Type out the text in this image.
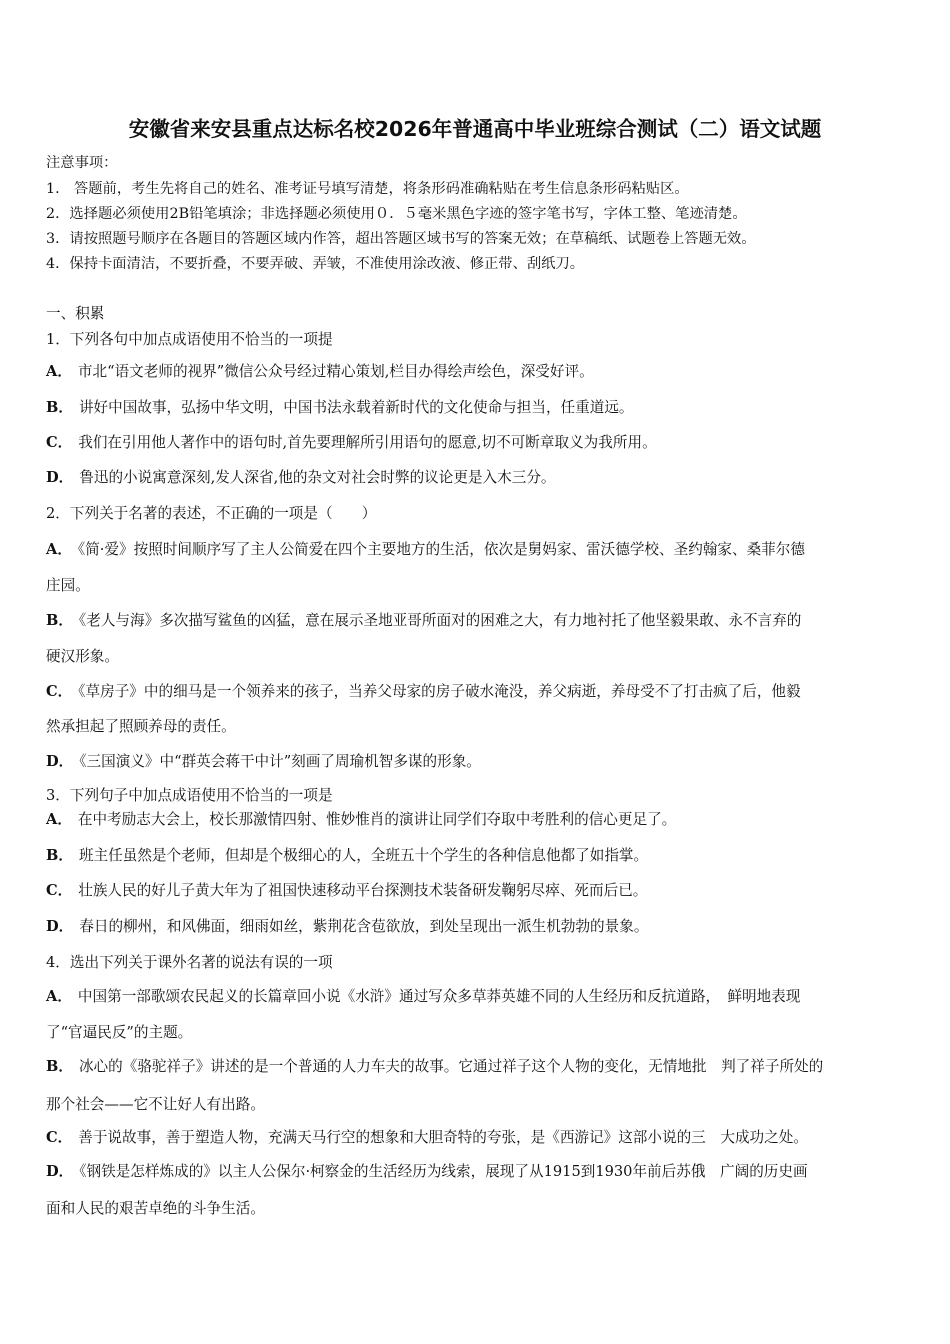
安徽省来安县重点达标名校2026年普通高中毕业班综合测试（二）语文试题
注意事项：
1.　答题前，考生先将自己的姓名、准考证号填写清楚，将条形码准确粘贴在考生信息条形码粘贴区。
2．选择题必须使用2B铅笔填涂；非选择题必须使用０．５毫米黑色字迹的签字笔书写，字体工整、笔迹清楚。
3．请按照题号顺序在各题目的答题区域内作答，超出答题区域书写的答案无效；在草稿纸、试题卷上答题无效。
4．保持卡面清洁，不要折叠，不要弄破、弄皱，不准使用涂改液、修正带、刮纸刀。
一、积累
1．下列各句中加点成语使用不恰当的一项提
A． 市北“语文老师的视界”微信公众号经过精心策划,栏目办得绘声绘色，深受好评。
B． 讲好中国故事，弘扬中华文明，中国书法永载着新时代的文化使命与担当，任重道远。
C． 我们在引用他人著作中的语句时,首先要理解所引用语句的愿意,切不可断章取义为我所用。
D． 鲁迅的小说寓意深刻,发人深省,他的杂文对社会时弊的议论更是入木三分。
2．下列关于名著的表述，不正确的一项是（　　）
A． 《简·爱》按照时间顺序写了主人公简爱在四个主要地方的生活，依次是舅妈家、雷沃德学校、圣约翰家、桑菲尔德
庄园。
B． 《老人与海》多次描写鲨鱼的凶猛，意在展示圣地亚哥所面对的困难之大，有力地衬托了他坚毅果敢、永不言弃的
硬汉形象。
C． 《草房子》中的细马是一个领养来的孩子，当养父母家的房子破水淹没，养父病逝，养母受不了打击疯了后，他毅
然承担起了照顾养母的责任。
D． 《三国演义》中“群英会蒋干中计”刻画了周瑜机智多谋的形象。
3．下列句子中加点成语使用不恰当的一项是
A． 在中考励志大会上，校长那激情四射、惟妙惟肖的演讲让同学们夺取中考胜利的信心更足了。
B． 班主任虽然是个老师，但却是个极细心的人，全班五十个学生的各种信息他都了如指掌。
C． 壮族人民的好儿子黄大年为了祖国快速移动平台探测技术装备研发鞠躬尽瘁、死而后已。
D． 春日的柳州，和风佛面，细雨如丝，紫荆花含苞欲放，到处呈现出一派生机勃勃的景象。
4．选出下列关于课外名著的说法有误的一项
A． 中国第一部歌颂农民起义的长篇章回小说《水浒》通过写众多草莽英雄不同的人生经历和反抗道路，　鲜明地表现
了“官逼民反”的主题。
B． 冰心的《骆驼祥子》讲述的是一个普通的人力车夫的故事。它通过祥子这个人物的变化，无情地批　判了祥子所处的
那个社会——它不让好人有出路。
C． 善于说故事，善于塑造人物，充满天马行空的想象和大胆奇特的夸张，是《西游记》这部小说的三　大成功之处。
D． 《钢铁是怎样炼成的》以主人公保尔·柯察金的生活经历为线索，展现了从1915到1930年前后苏俄　广阔的历史画
面和人民的艰苦卓绝的斗争生活。
